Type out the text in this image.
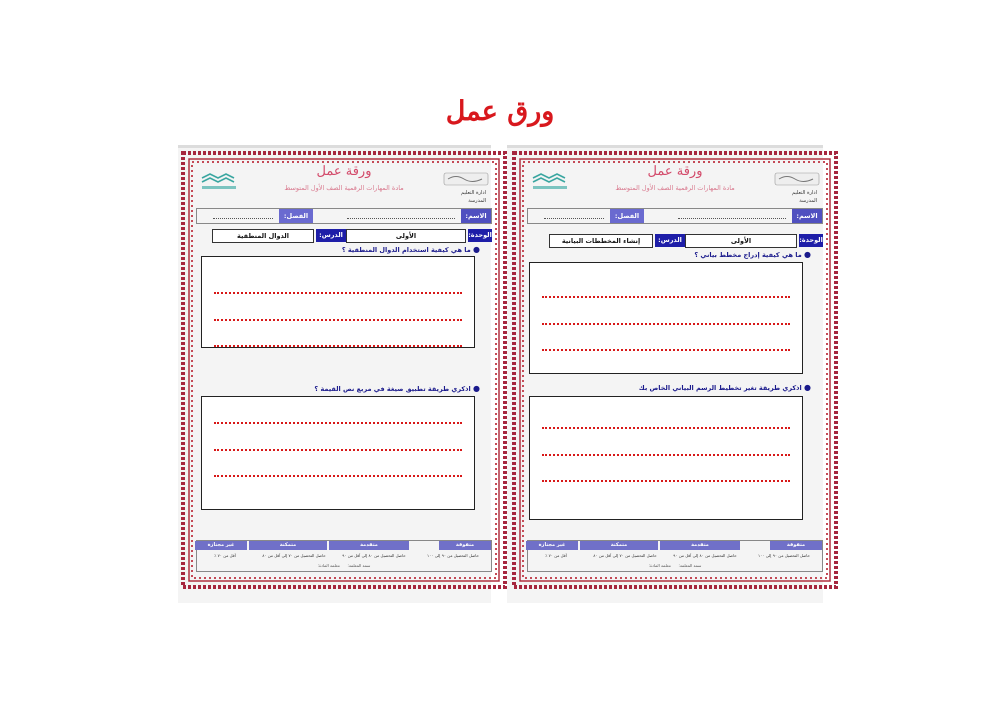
ورق عمل
ادارة التعليم
المدرسة
ورقة عمل
مادة المهارات الرقمية الصف الأول المتوسط
الاسم:
الفصل:
الوحدة:
الأولى
الدرس:
الدوال المنطقية
● ما هي كيفية استخدام الدوال المنطقية ؟
● اذكري طريقة تطبيق صيغة في مربع نص القيمة ؟
متفوقة
متقدمة
متمكنة
غير مجتازة
حاصل التحصيل من ٩٠ إلى ١٠٠
حاصل التحصيل من ٨٠ إلى أقل من ٩٠
حاصل التحصيل من ٧٠ إلى أقل من ٨٠
أقل من ٧٠ ٪
سمة المعلمة:      معلمة المادة:
ادارة التعليم
المدرسة
ورقة عمل
مادة المهارات الرقمية الصف الأول المتوسط
الاسم:
الفصل:
الوحدة:
الأولى
الدرس:
إنشاء المخططات البيانية
● ما هي كيفية إدراج مخطط بياني ؟
● اذكري طريقة تغير تخطيط الرسم البياني الخاص بك
متفوقة
متقدمة
متمكنة
غير مجتازة
حاصل التحصيل من ٩٠ إلى ١٠٠
حاصل التحصيل من ٨٠ إلى أقل من ٩٠
حاصل التحصيل من ٧٠ إلى أقل من ٨٠
أقل من ٧٠ ٪
سمة المعلمة:      معلمة المادة:
